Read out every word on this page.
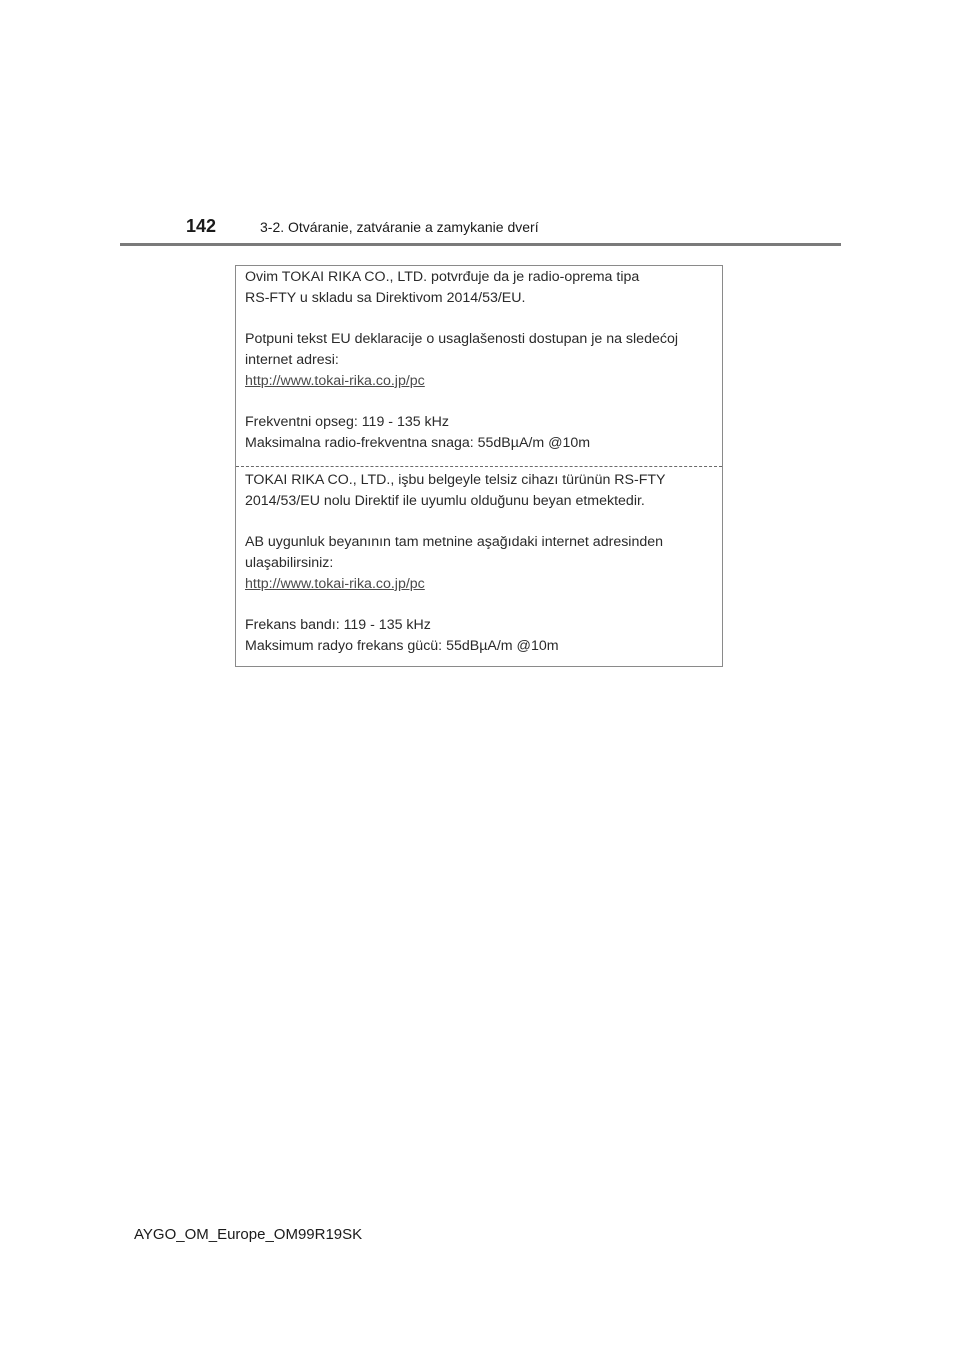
142	3-2. Otváranie, zatváranie a zamykanie dverí

Ovim TOKAI RIKA CO., LTD. potvrđuje da je radio-oprema tipa

RS-FTY u skladu sa Direktivom 2014/53/EU.

Potpuni tekst EU deklaracije o usaglašenosti dostupan je na sledećoj

internet adresi:

http://www.tokai-rika.co.jp/pc

Frekventni opseg: 119 - 135 kHz

Maksimalna radio-frekventna snaga: 55dBµA/m @10m

TOKAI RIKA CO., LTD., işbu belgeyle telsiz cihazı türünün RS-FTY

2014/53/EU nolu Direktif ile uyumlu olduğunu beyan etmektedir.

AB uygunluk beyanının tam metnine aşağıdaki internet adresinden

ulaşabilirsiniz:

http://www.tokai-rika.co.jp/pc

Frekans bandı: 119 - 135 kHz

Maksimum radyo frekans gücü: 55dBµA/m @10m

AYGO_OM_Europe_OM99R19SK
